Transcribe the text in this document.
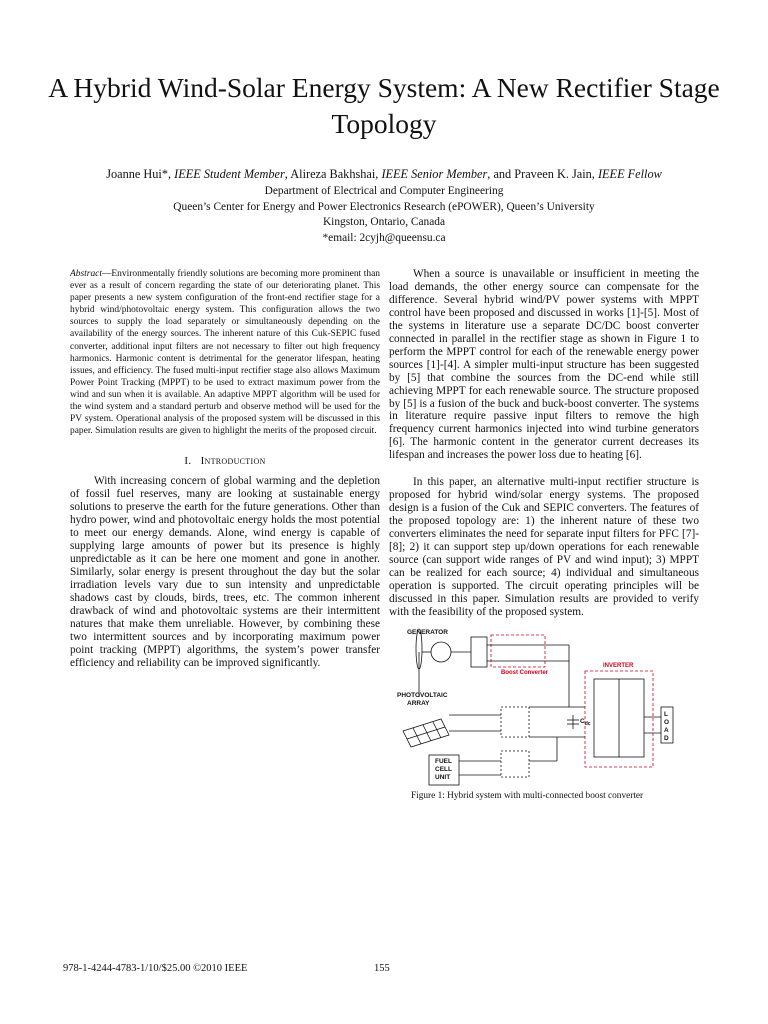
A Hybrid Wind-Solar Energy System: A New Rectifier Stage Topology
Joanne Hui*, IEEE Student Member, Alireza Bakhshai, IEEE Senior Member, and Praveen K. Jain, IEEE Fellow
Department of Electrical and Computer Engineering
Queen’s Center for Energy and Power Electronics Research (ePOWER), Queen’s University
Kingston, Ontario, Canada
*email: 2cyjh@queensu.ca

Abstract—Environmentally friendly solutions are becoming more prominent than ever as a result of concern regarding the state of our deteriorating planet. This paper presents a new system configuration of the front-end rectifier stage for a hybrid wind/photovoltaic energy system. This configuration allows the two sources to supply the load separately or simultaneously depending on the availability of the energy sources. The inherent nature of this Cuk-SEPIC fused converter, additional input filters are not necessary to filter out high frequency harmonics. Harmonic content is detrimental for the generator lifespan, heating issues, and efficiency. The fused multi-input rectifier stage also allows Maximum Power Point Tracking (MPPT) to be used to extract maximum power from the wind and sun when it is available. An adaptive MPPT algorithm will be used for the wind system and a standard perturb and observe method will be used for the PV system. Operational analysis of the proposed system will be discussed in this paper. Simulation results are given to highlight the merits of the proposed circuit.

I. Introduction

With increasing concern of global warming and the depletion of fossil fuel reserves, many are looking at sustainable energy solutions to preserve the earth for the future generations. Other than hydro power, wind and photovoltaic energy holds the most potential to meet our energy demands. Alone, wind energy is capable of supplying large amounts of power but its presence is highly unpredictable as it can be here one moment and gone in another. Similarly, solar energy is present throughout the day but the solar irradiation levels vary due to sun intensity and unpredictable shadows cast by clouds, birds, trees, etc. The common inherent drawback of wind and photovoltaic systems are their intermittent natures that make them unreliable. However, by combining these two intermittent sources and by incorporating maximum power point tracking (MPPT) algorithms, the system’s power transfer efficiency and reliability can be improved significantly.

When a source is unavailable or insufficient in meeting the load demands, the other energy source can compensate for the difference. Several hybrid wind/PV power systems with MPPT control have been proposed and discussed in works [1]-[5]. Most of the systems in literature use a separate DC/DC boost converter connected in parallel in the rectifier stage as shown in Figure 1 to perform the MPPT control for each of the renewable energy power sources [1]-[4]. A simpler multi-input structure has been suggested by [5] that combine the sources from the DC-end while still achieving MPPT for each renewable source. The structure proposed by [5] is a fusion of the buck and buck-boost converter. The systems in literature require passive input filters to remove the high frequency current harmonics injected into wind turbine generators [6]. The harmonic content in the generator current decreases its lifespan and increases the power loss due to heating [6].

In this paper, an alternative multi-input rectifier structure is proposed for hybrid wind/solar energy systems. The proposed design is a fusion of the Cuk and SEPIC converters. The features of the proposed topology are: 1) the inherent nature of these two converters eliminates the need for separate input filters for PFC [7]-[8]; 2) it can support step up/down operations for each renewable source (can support wide ranges of PV and wind input); 3) MPPT can be realized for each source; 4) individual and simultaneous operation is supported. The circuit operating principles will be discussed in this paper. Simulation results are provided to verify with the feasibility of the proposed system.

GENERATOR
Boost Converter
INVERTER
PHOTOVOLTAIC
ARRAY
FUEL
CELL
UNIT
$C_{dc}$
L
O
A
D
Figure 1: Hybrid system with multi-connected boost converter
978-1-4244-4783-1/10/$25.00 ©2010 IEEE	155
